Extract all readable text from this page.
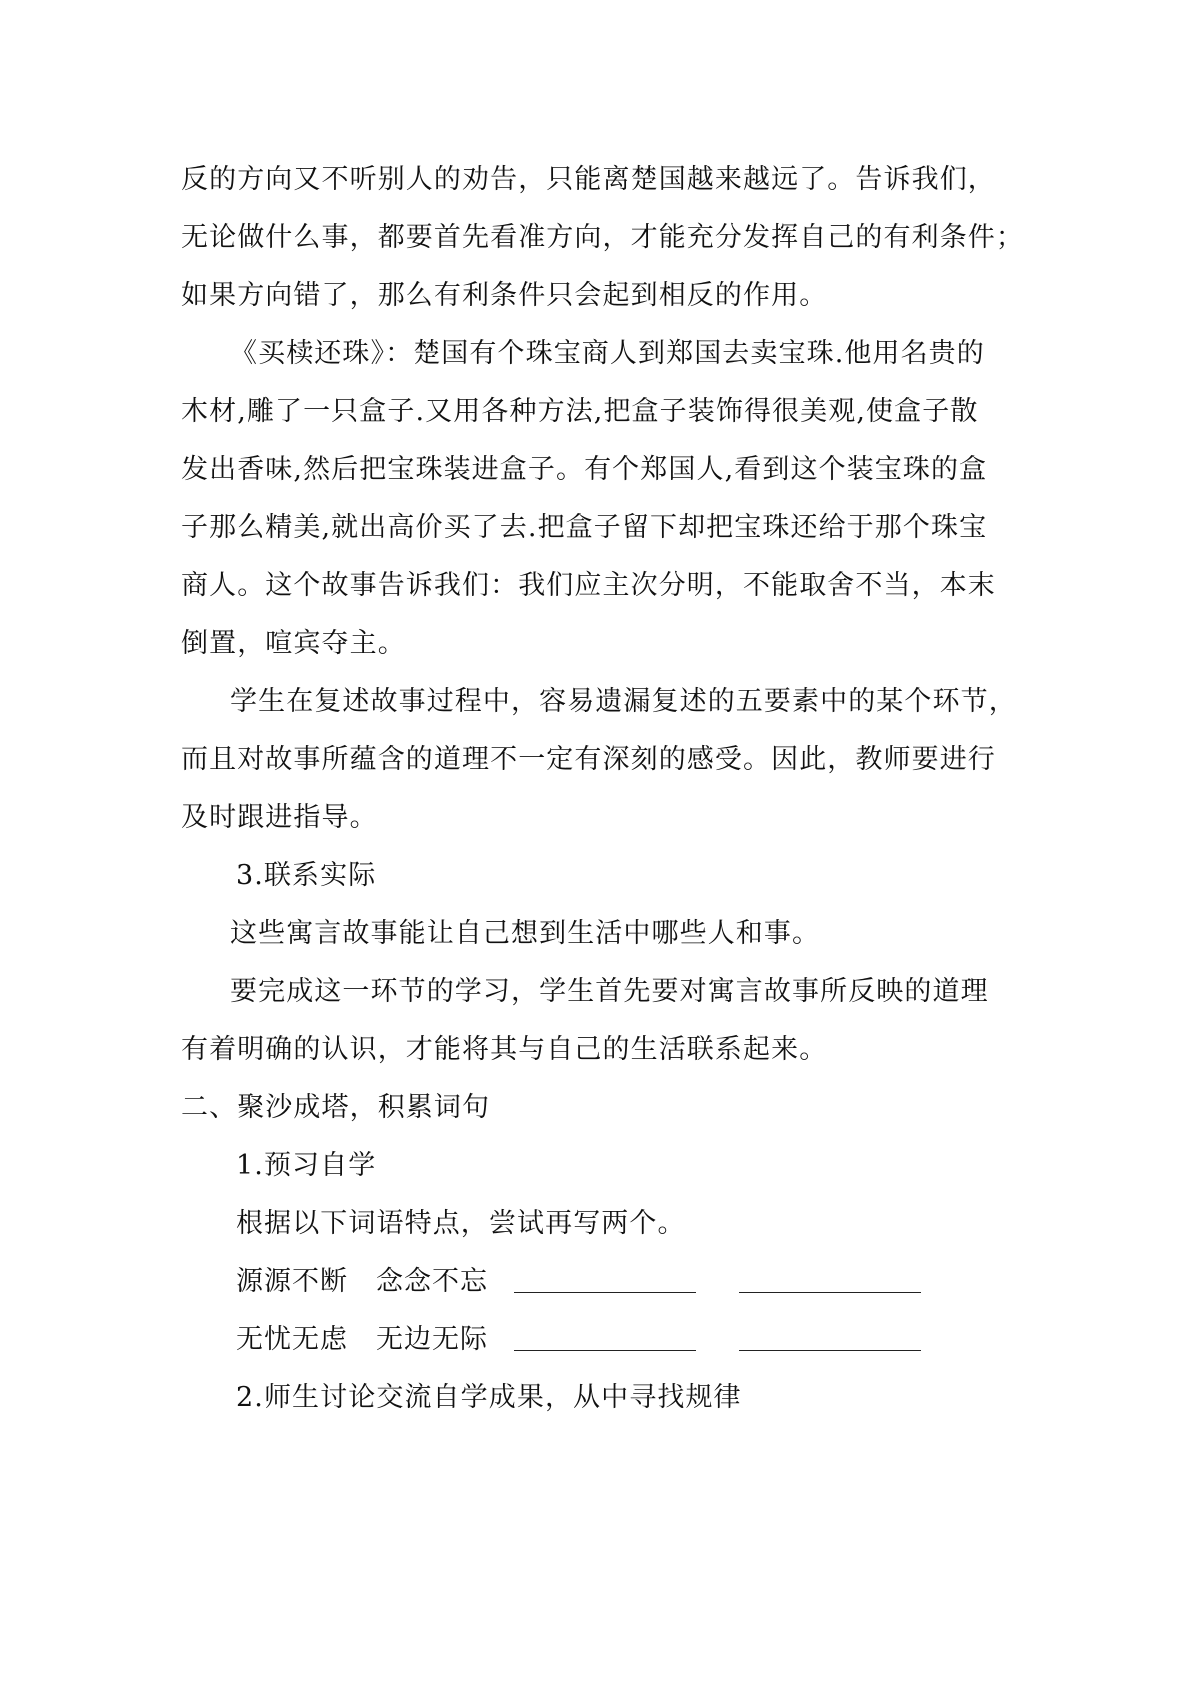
反的方向又不听别人的劝告，只能离楚国越来越远了。告诉我们，
无论做什么事，都要首先看准方向，才能充分发挥自己的有利条件；
如果方向错了，那么有利条件只会起到相反的作用。
《买椟还珠》：楚国有个珠宝商人到郑国去卖宝珠.他用名贵的
木材,雕了一只盒子.又用各种方法,把盒子装饰得很美观,使盒子散
发出香味,然后把宝珠装进盒子。有个郑国人,看到这个装宝珠的盒
子那么精美,就出高价买了去.把盒子留下却把宝珠还给于那个珠宝
商人。这个故事告诉我们：我们应主次分明，不能取舍不当，本末
倒置，喧宾夺主。
学生在复述故事过程中，容易遗漏复述的五要素中的某个环节，
而且对故事所蕴含的道理不一定有深刻的感受。因此，教师要进行
及时跟进指导。
3.联系实际
这些寓言故事能让自己想到生活中哪些人和事。
要完成这一环节的学习，学生首先要对寓言故事所反映的道理
有着明确的认识，才能将其与自己的生活联系起来。
二、聚沙成塔，积累词句
1.预习自学
根据以下词语特点，尝试再写两个。
源源不断 念念不忘
无忧无虑 无边无际
2.师生讨论交流自学成果，从中寻找规律
